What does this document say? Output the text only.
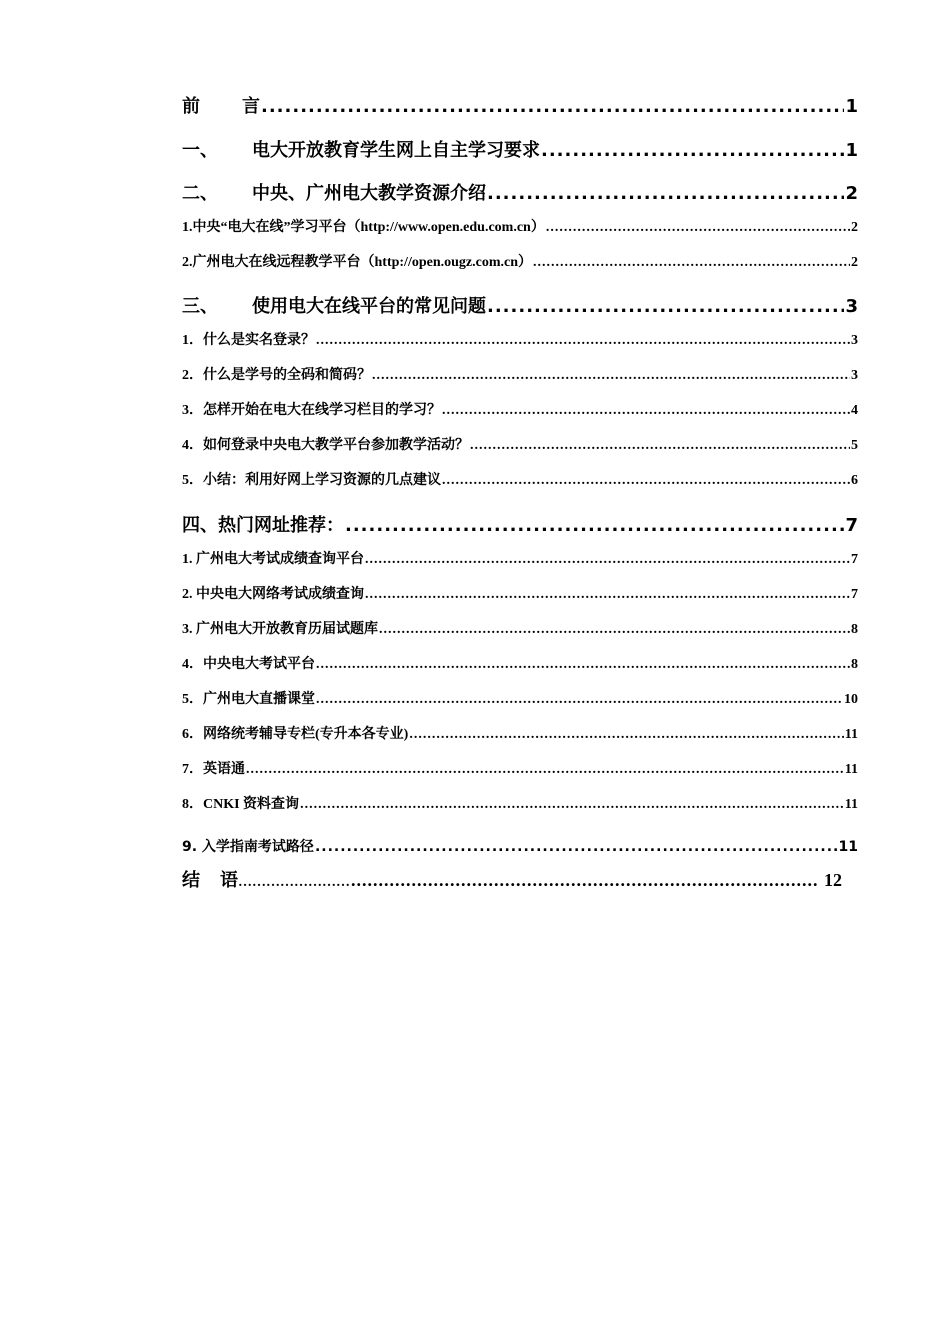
前 言 .....	1
一、 电大开放教育学生网上自主学习要求 .....	1
二、 中央、广州电大教学资源介绍 .....	2
1.中央“电大在线”学习平台（http://www.open.edu.com.cn） .....	2
2.广州电大在线远程教学平台（http://open.ougz.com.cn） .....	2
三、 使用电大在线平台的常见问题 .....	3
1．什么是实名登录？ .....	3
2．什么是学号的全码和简码？ .....	3
3．怎样开始在电大在线学习栏目的学习？ .....	4
4．如何登录中央电大教学平台参加教学活动？ .....	5
5．小结：利用好网上学习资源的几点建议 .....	6
四、热门网址推荐： .....	7
1. 广州电大考试成绩查询平台 .....	7
2. 中央电大网络考试成绩查询 .....	7
3. 广州电大开放教育历届试题库 .....	8
4．中央电大考试平台 .....	8
5．广州电大直播课堂 .....	10
6．网络统考辅导专栏(专升本各专业) .....	11
7．英语通 .....	11
8．CNKI 资料查询 .....	11
9. 入学指南考试路径 .....	11
结 语…………………… .....	12
